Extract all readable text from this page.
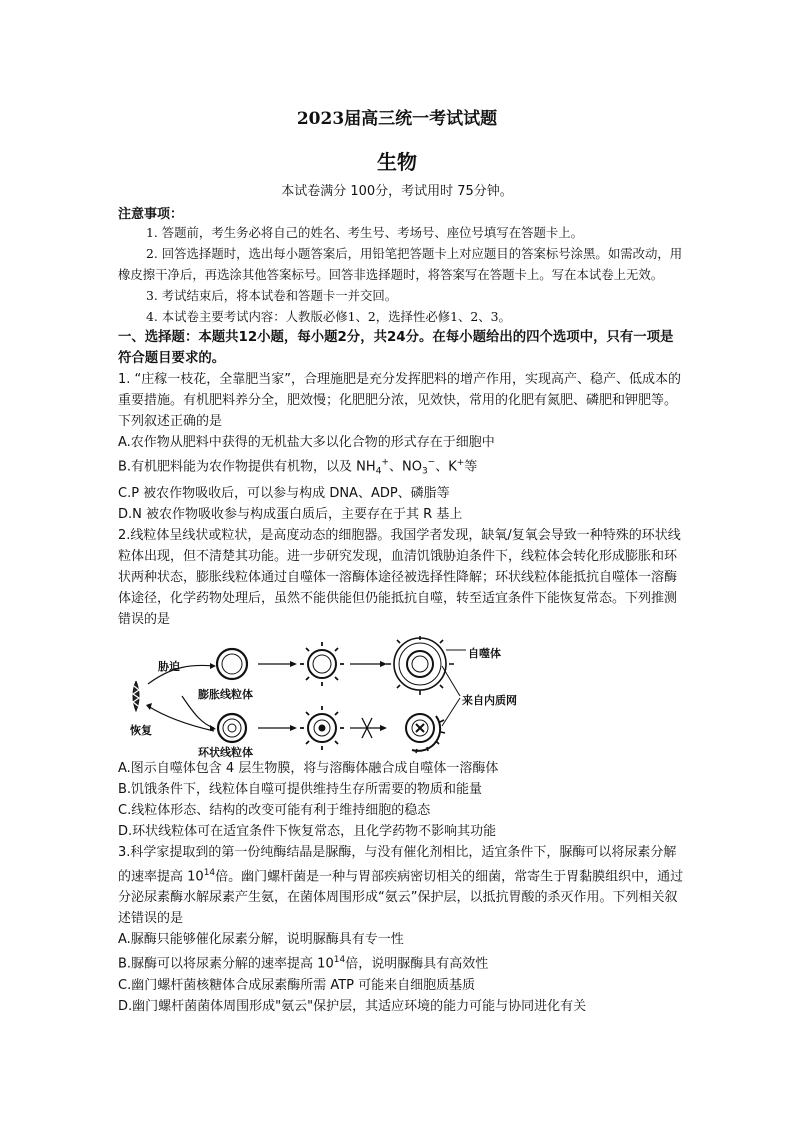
2023届高三统一考试试题
生物
本试卷满分 100分，考试用时 75分钟。
注意事项：
1. 答题前，考生务必将自己的姓名、考生号、考场号、座位号填写在答题卡上。
2. 回答选择题时，选出每小题答案后，用铅笔把答题卡上对应题目的答案标号涂黑。如需改动，用橡皮擦干净后，再选涂其他答案标号。回答非选择题时，将答案写在答题卡上。写在本试卷上无效。
3. 考试结束后，将本试卷和答题卡一并交回。
4. 本试卷主要考试内容：人教版必修1、2，选择性必修1、2、3。
一、选择题：本题共12小题，每小题2分，共24分。在每小题给出的四个选项中，只有一项是符合题目要求的。
1. “庄稼一枝花，全靠肥当家”，合理施肥是充分发挥肥料的增产作用，实现高产、稳产、低成本的重要措施。有机肥料养分全，肥效慢；化肥肥分浓，见效快，常用的化肥有氮肥、磷肥和钾肥等。下列叙述正确的是
A.农作物从肥料中获得的无机盐大多以化合物的形式存在于细胞中
B.有机肥料能为农作物提供有机物，以及 $NH_4^+$、$NO_3^-$、K+等
C.P 被农作物吸收后，可以参与构成 DNA、ADP、磷脂等
D.N 被农作物吸收参与构成蛋白质后，主要存在于其 R 基上
2.线粒体呈线状或粒状，是高度动态的细胞器。我国学者发现，缺氧/复氧会导致一种特殊的环状线粒体出现，但不清楚其功能。进一步研究发现，血清饥饿胁迫条件下，线粒体会转化形成膨胀和环状两种状态，膨胀线粒体通过自噬体一溶酶体途径被选择性降解；环状线粒体能抵抗自噬体一溶酶体途径，化学药物处理后，虽然不能供能但仍能抵抗自噬，转至适宜条件下能恢复常态。下列推测错误的是
胁迫
恢复
膨胀线粒体
环状线粒体
自噬体
来自内质网
A.图示自噬体包含 4 层生物膜，将与溶酶体融合成自噬体一溶酶体
B.饥饿条件下，线粒体自噬可提供维持生存所需要的物质和能量
C.线粒体形态、结构的改变可能有利于维持细胞的稳态
D.环状线粒体可在适宜条件下恢复常态，且化学药物不影响其功能
3.科学家提取到的第一份纯酶结晶是脲酶，与没有催化剂相比，适宜条件下，脲酶可以将尿素分解的速率提高 $10^{14}$倍。幽门螺杆菌是一种与胃部疾病密切相关的细菌，常寄生于胃黏膜组织中，通过分泌尿素酶水解尿素产生氨，在菌体周围形成“氨云”保护层，以抵抗胃酸的杀灭作用。下列相关叙述错误的是
A.脲酶只能够催化尿素分解，说明脲酶具有专一性
B.脲酶可以将尿素分解的速率提高 $10^{14}$倍，说明脲酶具有高效性
C.幽门螺杆菌核糖体合成尿素酶所需 ATP 可能来自细胞质基质
D.幽门螺杆菌菌体周围形成"氨云"保护层，其适应环境的能力可能与协同进化有关
